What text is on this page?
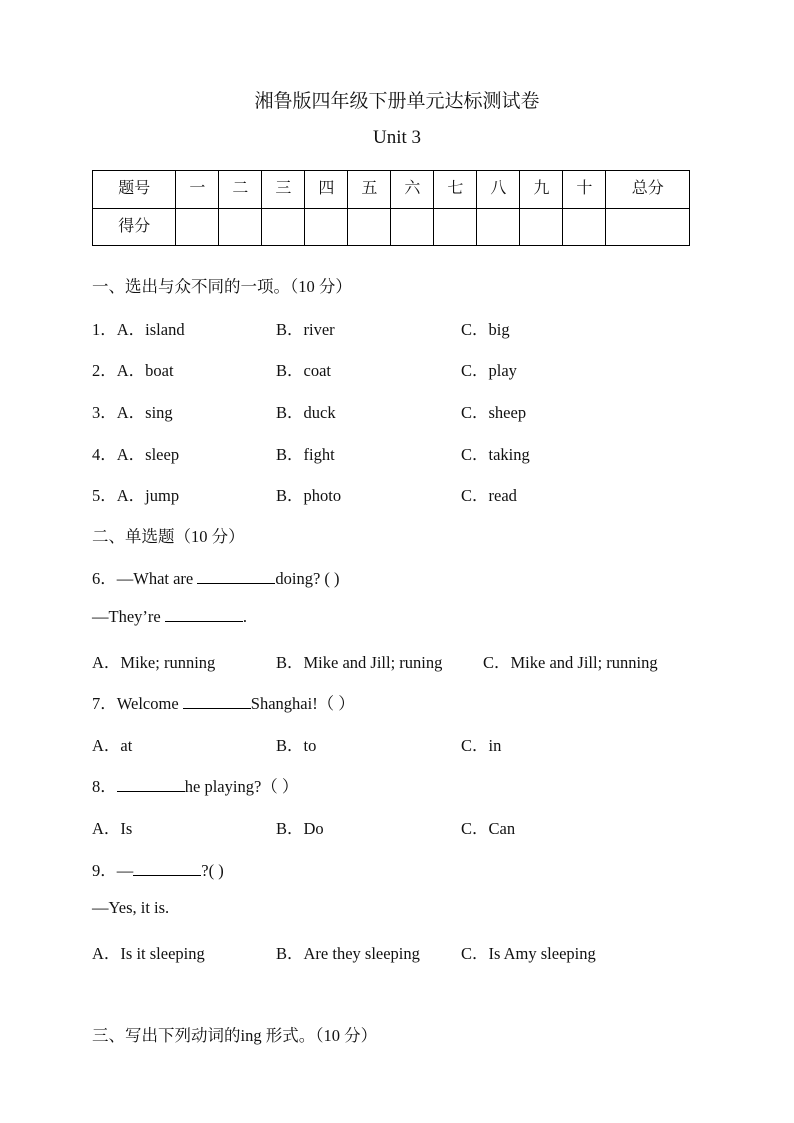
湘鲁版四年级下册单元达标测试卷
Unit 3
题号	一	二	三	四	五	六	七	八	九	十	总分
得分											
一、选出与众不同的一项。（10 分）
1．A．island	B．river	C．big
2．A．boat	B．coat	C．play
3．A．sing	B．duck	C．sheep
4．A．sleep	B．fight	C．taking
5．A．jump	B．photo	C．read
二、单选题（10 分）
6．—What are	doing? ( )
—They’re	.
A．Mike; running	B．Mike and Jill; runing C．Mike and Jill; running
7．Welcome	Shanghai!（ ）
A．at	B．to	C．in
8．	he playing?（ ）
A．Is	B．Do	C．Can
9．—	?( )
—Yes, it is.
A．Is it sleeping	B．Are they sleeping C．Is Amy sleeping
三、写出下列动词的ing 形式。（10 分）
